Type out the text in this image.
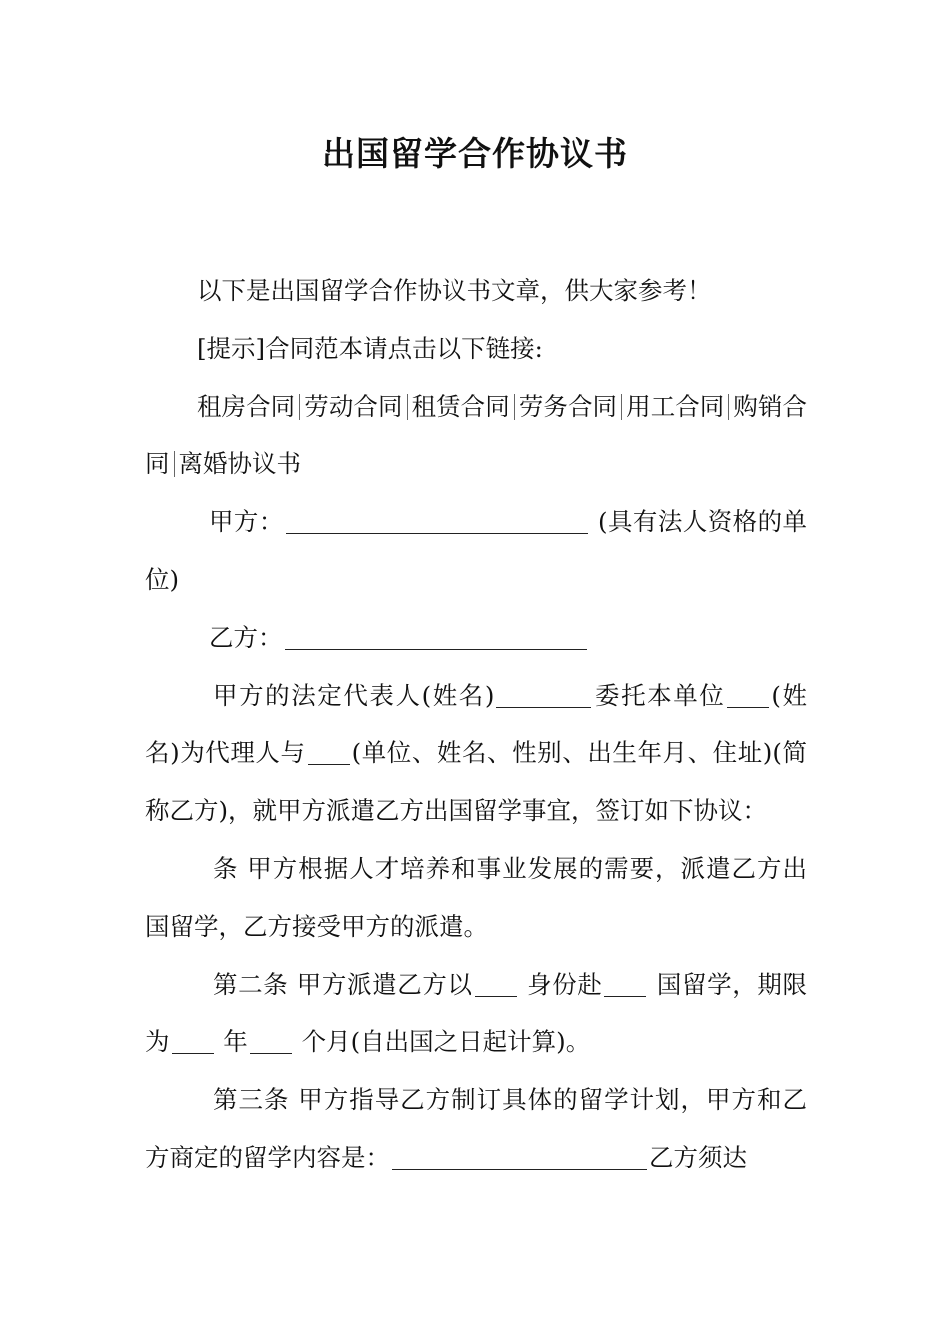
出国留学合作协议书

以下是出国留学合作协议书文章，供大家参考！

[提示]合同范本请点击以下链接:

租房合同 劳动合同 租赁合同 劳务合同 用工合同 购销合同 离婚协议书

甲方：	(具有法人资格的单位)

乙方：

甲方的法定代表人(姓名)	委托本单位 (姓名)为代理人与 (单位、姓名、性别、出生年月、住址)(简称乙方)，就甲方派遣乙方出国留学事宜，签订如下协议：

条 甲方根据人才培养和事业发展的需要，派遣乙方出国留学，乙方接受甲方的派遣。

第二条 甲方派遣乙方以 身份赴 国留学，期限为 年 个月(自出国之日起计算)。

第三条 甲方指导乙方制订具体的留学计划，甲方和乙方商定的留学内容是：	乙方须达
